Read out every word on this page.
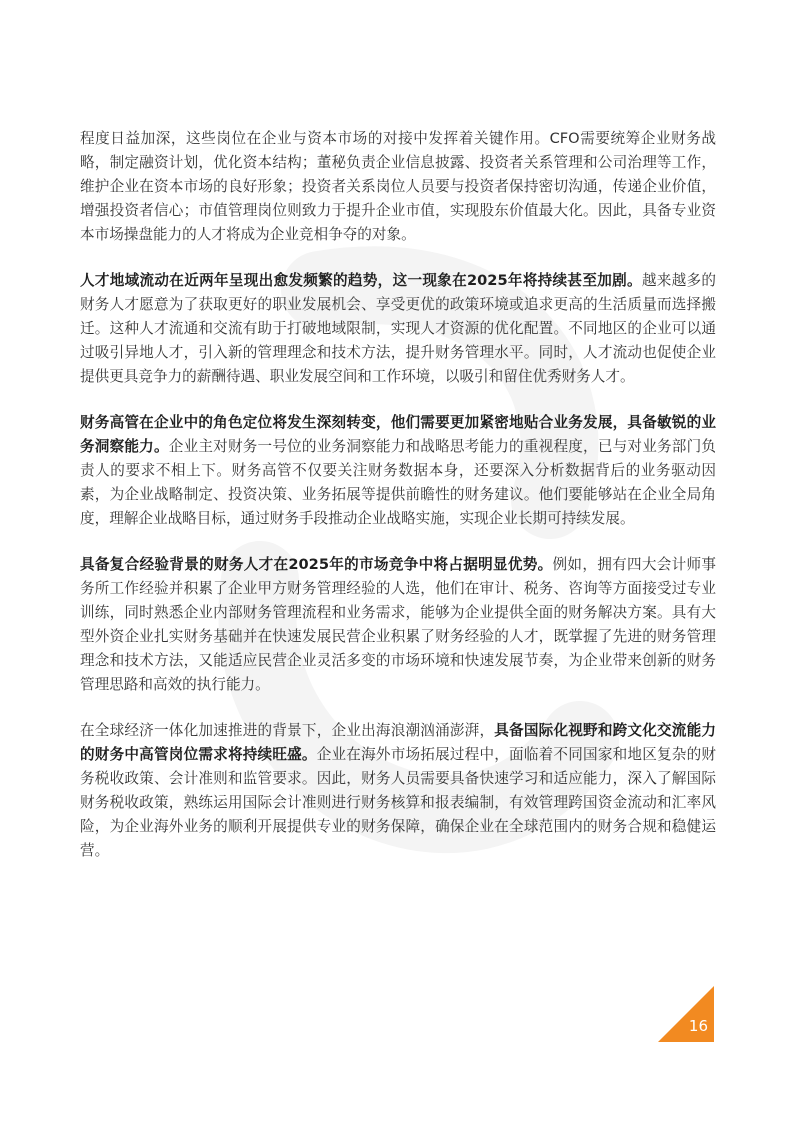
程度日益加深，这些岗位在企业与资本市场的对接中发挥着关键作用。CFO需要统筹企业财务战略，制定融资计划，优化资本结构；董秘负责企业信息披露、投资者关系管理和公司治理等工作，维护企业在资本市场的良好形象；投资者关系岗位人员要与投资者保持密切沟通，传递企业价值，增强投资者信心；市值管理岗位则致力于提升企业市值，实现股东价值最大化。因此，具备专业资本市场操盘能力的人才将成为企业竞相争夺的对象。

人才地域流动在近两年呈现出愈发频繁的趋势，这一现象在2025年将持续甚至加剧。越来越多的财务人才愿意为了获取更好的职业发展机会、享受更优的政策环境或追求更高的生活质量而选择搬迁。这种人才流通和交流有助于打破地域限制，实现人才资源的优化配置。不同地区的企业可以通过吸引异地人才，引入新的管理理念和技术方法，提升财务管理水平。同时，人才流动也促使企业提供更具竞争力的薪酬待遇、职业发展空间和工作环境，以吸引和留住优秀财务人才。

财务高管在企业中的角色定位将发生深刻转变，他们需要更加紧密地贴合业务发展，具备敏锐的业务洞察能力。企业主对财务一号位的业务洞察能力和战略思考能力的重视程度，已与对业务部门负责人的要求不相上下。财务高管不仅要关注财务数据本身，还要深入分析数据背后的业务驱动因素，为企业战略制定、投资决策、业务拓展等提供前瞻性的财务建议。他们要能够站在企业全局角度，理解企业战略目标，通过财务手段推动企业战略实施，实现企业长期可持续发展。

具备复合经验背景的财务人才在2025年的市场竞争中将占据明显优势。例如，拥有四大会计师事务所工作经验并积累了企业甲方财务管理经验的人选，他们在审计、税务、咨询等方面接受过专业训练，同时熟悉企业内部财务管理流程和业务需求，能够为企业提供全面的财务解决方案。具有大型外资企业扎实财务基础并在快速发展民营企业积累了财务经验的人才，既掌握了先进的财务管理理念和技术方法，又能适应民营企业灵活多变的市场环境和快速发展节奏，为企业带来创新的财务管理思路和高效的执行能力。

在全球经济一体化加速推进的背景下，企业出海浪潮汹涌澎湃，具备国际化视野和跨文化交流能力的财务中高管岗位需求将持续旺盛。企业在海外市场拓展过程中，面临着不同国家和地区复杂的财务税收政策、会计准则和监管要求。因此，财务人员需要具备快速学习和适应能力，深入了解国际财务税收政策，熟练运用国际会计准则进行财务核算和报表编制，有效管理跨国资金流动和汇率风险，为企业海外业务的顺利开展提供专业的财务保障，确保企业在全球范围内的财务合规和稳健运营。

16
